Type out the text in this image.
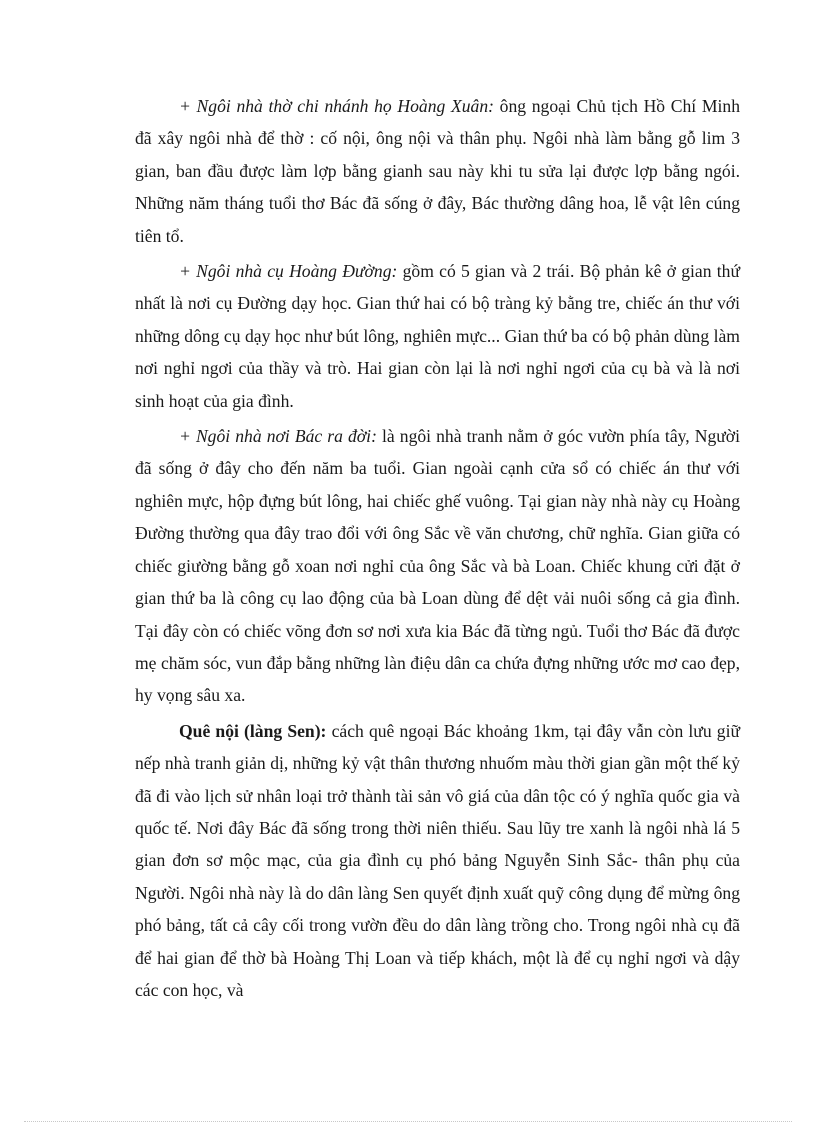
+ Ngôi nhà thờ chi nhánh họ Hoàng Xuân: ông ngoại Chủ tịch Hồ Chí Minh đã xây ngôi nhà để thờ : cố nội, ông nội và thân phụ. Ngôi nhà làm bằng gỗ lim 3 gian, ban đầu được làm lợp bằng gianh sau này khi tu sửa lại được lợp bằng ngói. Những năm tháng tuổi thơ Bác đã sống ở đây, Bác thường dâng hoa, lễ vật lên cúng tiên tổ.

+ Ngôi nhà cụ Hoàng Đường: gồm có 5 gian và 2 trái. Bộ phản kê ở gian thứ nhất là nơi cụ Đường dạy học. Gian thứ hai có bộ tràng kỷ bằng tre, chiếc án thư với những dông cụ dạy học như bút lông, nghiên mực... Gian thứ ba có bộ phản dùng làm nơi nghỉ ngơi của thầy và trò. Hai gian còn lại là nơi nghỉ ngơi của cụ bà và là nơi sinh hoạt của gia đình.

+ Ngôi nhà nơi Bác ra đời: là ngôi nhà tranh nằm ở góc vườn phía tây, Người đã sống ở đây cho đến năm ba tuổi. Gian ngoài cạnh cửa sổ có chiếc án thư với nghiên mực, hộp đựng bút lông, hai chiếc ghế vuông. Tại gian này nhà này cụ Hoàng Đường thường qua đây trao đổi với ông Sắc về văn chương, chữ nghĩa. Gian giữa có chiếc giường bằng gỗ xoan nơi nghỉ của ông Sắc và bà Loan. Chiếc khung cửi đặt ở gian thứ ba là công cụ lao động của bà Loan dùng để dệt vải nuôi sống cả gia đình. Tại đây còn có chiếc võng đơn sơ nơi xưa kia Bác đã từng ngủ. Tuổi thơ Bác đã được mẹ chăm sóc, vun đắp bằng những làn điệu dân ca chứa đựng những ước mơ cao đẹp, hy vọng sâu xa.

Quê nội (làng Sen): cách quê ngoại Bác khoảng 1km, tại đây vẫn còn lưu giữ nếp nhà tranh giản dị, những kỷ vật thân thương nhuốm màu thời gian gần một thế kỷ đã đi vào lịch sử nhân loại trở thành tài sản vô giá của dân tộc có ý nghĩa quốc gia và quốc tế. Nơi đây Bác đã sống trong thời niên thiếu. Sau lũy tre xanh là ngôi nhà lá 5 gian đơn sơ mộc mạc, của gia đình cụ phó bảng Nguyễn Sinh Sắc- thân phụ của Người. Ngôi nhà này là do dân làng Sen quyết định xuất quỹ công dụng để mừng ông phó bảng, tất cả cây cối trong vườn đều do dân làng trồng cho. Trong ngôi nhà cụ đã để hai gian để thờ bà Hoàng Thị Loan và tiếp khách, một là để cụ nghỉ ngơi và dậy các con học, và
